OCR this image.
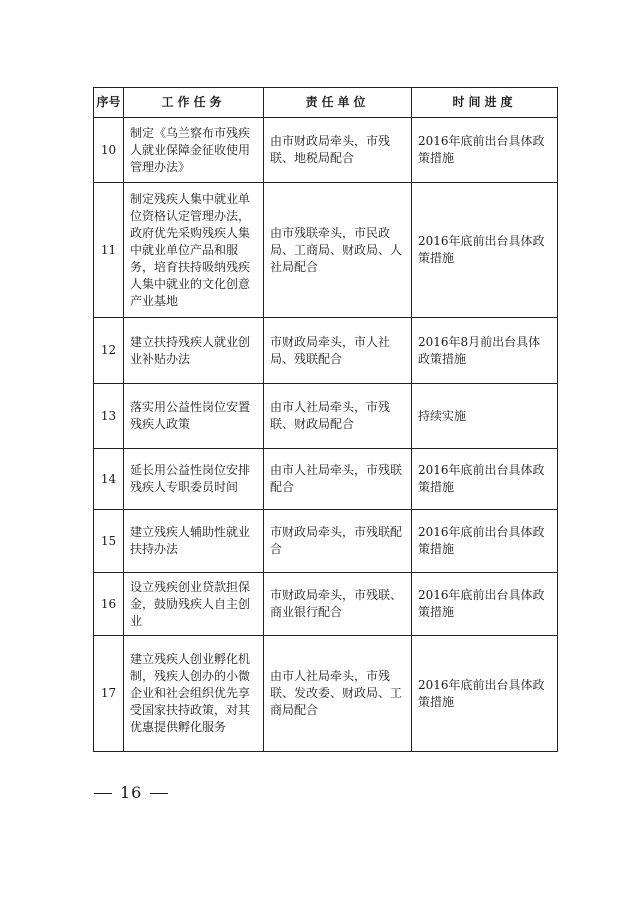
序号	工作任务	责任单位	时间进度
10	制定《乌兰察布市残疾人就业保障金征收使用管理办法》	由市财政局牵头，市残联、地税局配合	2016年底前出台具体政策措施
11	制定残疾人集中就业单位资格认定管理办法，政府优先采购残疾人集中就业单位产品和服务，培育扶持吸纳残疾人集中就业的文化创意产业基地	由市残联牵头，市民政局、工商局、财政局、人社局配合	2016年底前出台具体政策措施
12	建立扶持残疾人就业创业补贴办法	市财政局牵头，市人社局、残联配合	2016年8月前出台具体政策措施
13	落实用公益性岗位安置残疾人政策	由市人社局牵头，市残联、财政局配合	持续实施
14	延长用公益性岗位安排残疾人专职委员时间	由市人社局牵头，市残联配合	2016年底前出台具体政策措施
15	建立残疾人辅助性就业扶持办法	市财政局牵头，市残联配合	2016年底前出台具体政策措施
16	设立残疾创业贷款担保金，鼓励残疾人自主创业	市财政局牵头，市残联、商业银行配合	2016年底前出台具体政策措施
17	建立残疾人创业孵化机制，残疾人创办的小微企业和社会组织优先享受国家扶持政策，对其优惠提供孵化服务	由市人社局牵头，市残联、发改委、财政局、工商局配合	2016年底前出台具体政策措施
16
